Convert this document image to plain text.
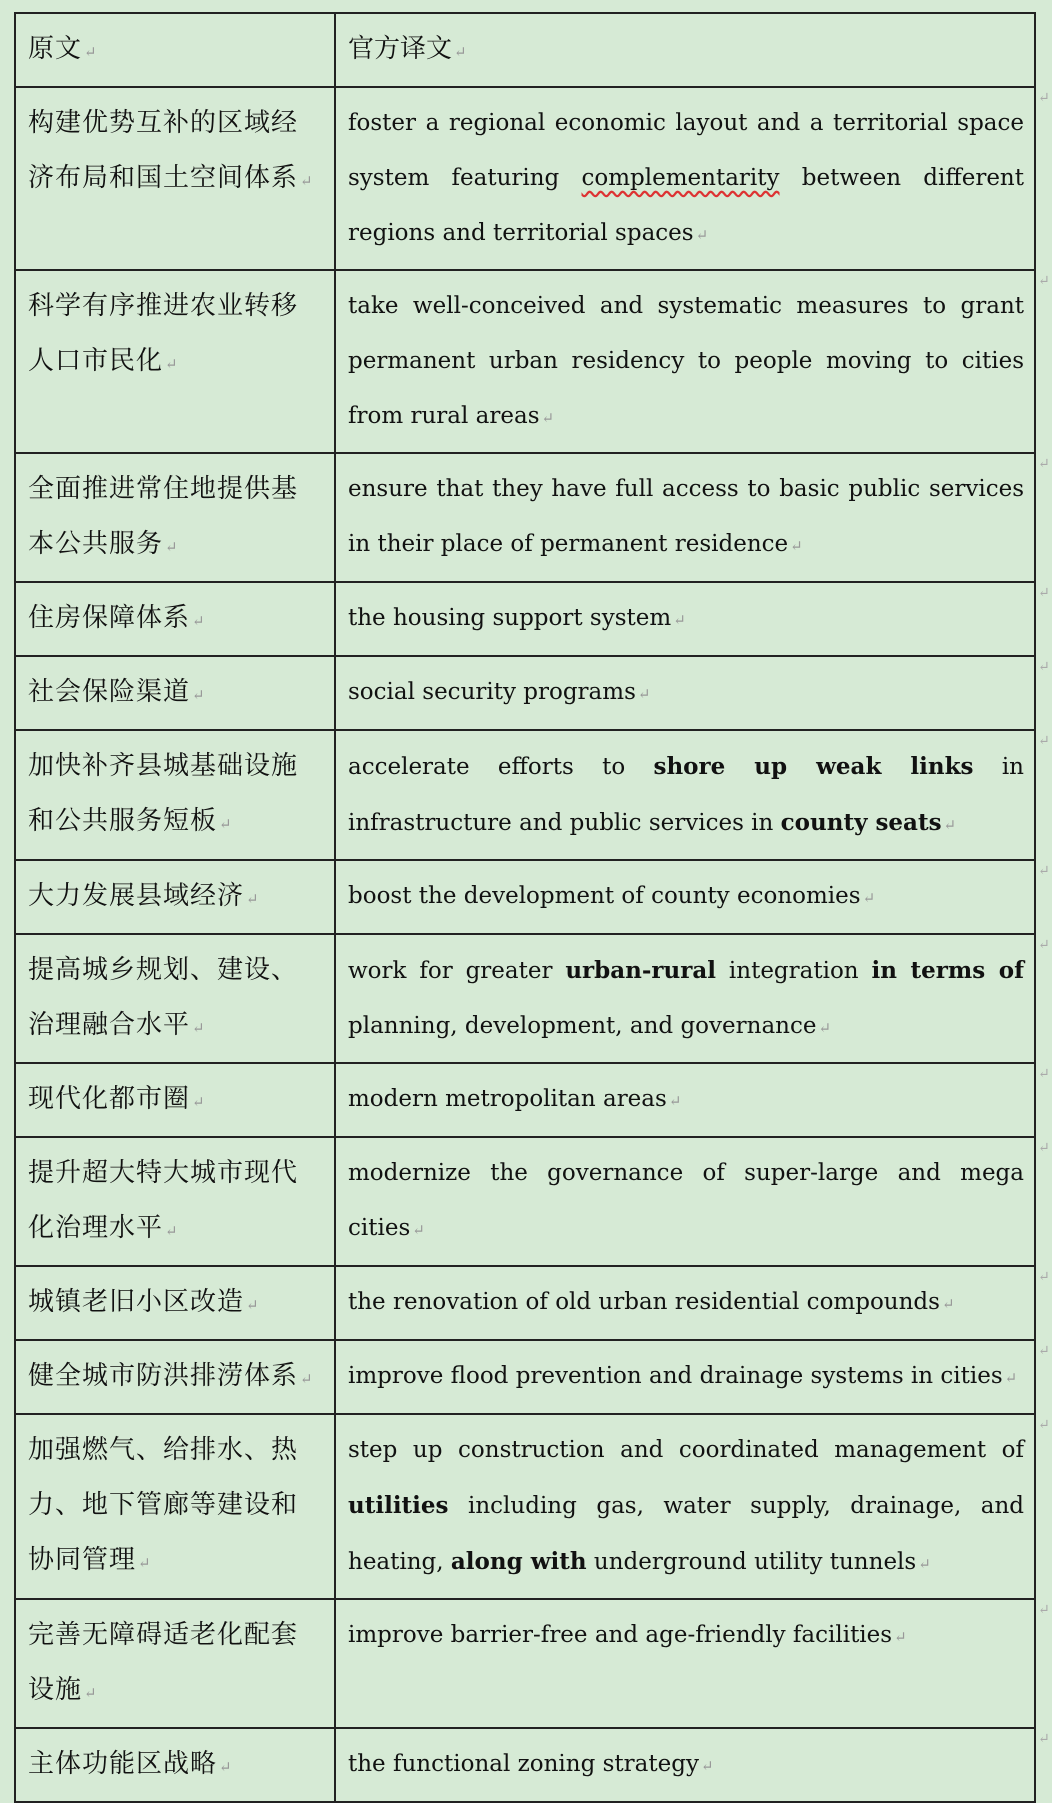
原文 ↵	官方译文 ↵
构建优势互补的区域经济布局和国土空间体系 ↵	foster a regional economic layout and a territorial space system featuring complementarity between different regions and territorial spaces ↵
科学有序推进农业转移人口市民化 ↵	take well-conceived and systematic measures to grant permanent urban residency to people moving to cities from rural areas ↵
全面推进常住地提供基本公共服务 ↵	ensure that they have full access to basic public services in their place of permanent residence ↵
住房保障体系 ↵	the housing support system ↵
社会保险渠道 ↵	social security programs ↵
加快补齐县城基础设施和公共服务短板 ↵	accelerate efforts to shore up weak links in infrastructure and public services in county seats ↵
大力发展县域经济 ↵	boost the development of county economies ↵
提高城乡规划、建设、治理融合水平 ↵	work for greater urban-rural integration in terms of planning, development, and governance ↵
现代化都市圈 ↵	modern metropolitan areas ↵
提升超大特大城市现代化治理水平 ↵	modernize the governance of super-large and mega cities ↵
城镇老旧小区改造 ↵	the renovation of old urban residential compounds ↵
健全城市防洪排涝体系 ↵	improve flood prevention and drainage systems in cities ↵
加强燃气、给排水、热力、地下管廊等建设和协同管理 ↵	step up construction and coordinated management of utilities including gas, water supply, drainage, and heating, along with underground utility tunnels ↵
完善无障碍适老化配套设施 ↵	improve barrier-free and age-friendly facilities ↵
主体功能区战略 ↵	the functional zoning strategy ↵
↵
↵
↵
↵
↵
↵
↵
↵
↵
↵
↵
↵
↵
↵
↵
